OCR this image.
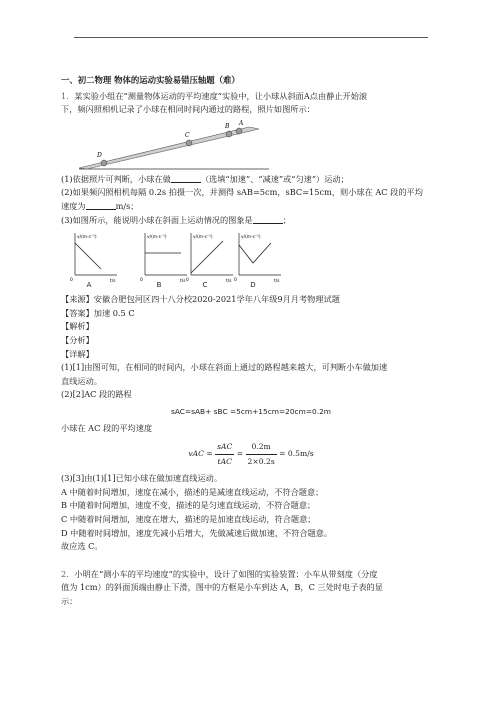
一、初二物理 物体的运动实验易错压轴题（难）

1．某实验小组在“测量物体运动的平均速度”实验中，让小球从斜面A点由静止开始滚

下，频闪照相机记录了小球在相同时间内通过的路程，照片如图所示：

A
B
C
D

(1)依据照片可判断，小球在做	（选填“加速”、“减速”或“匀速”）运动；

(2)如果频闪照相机每隔 0.2s 拍摄一次，并测得 sAB=5cm，sBC=15cm，则小球在 AC 段的平均

速度为	m/s；

(3)如图所示，能说明小球在斜面上运动情况的图象是	；

v/(m·s⁻¹)
t/s
0	A
v/(m·s⁻¹)
t/s
0	B
v/(m·s⁻¹)
t/s
0	C
v/(m·s⁻¹)
t/s
0	D

【来源】安徽合肥包河区四十八分校2020-2021学年八年级9月月考物理试题

【答案】加速 0.5 C

【解析】

【分析】

【详解】

(1)[1]由图可知，在相同的时间内，小球在斜面上通过的路程越来越大，可判断小车做加速

直线运动。

(2)[2]AC 段的路程

sAC=sAB+ sBC =5cm+15cm=20cm=0.2m

小球在 AC 段的平均速度

vAC = $\frac{\text{sAC}}{\text{tAC}} = \frac{0.2m}{2\times 0.2s} = 0.5m/s$

(3)[3]由(1)[1]已知小球在做加速直线运动。

A 中随着时间增加，速度在减小，描述的是减速直线运动，不符合题意；

B 中随着时间增加，速度不变，描述的是匀速直线运动，不符合题意；

C 中随着时间增加，速度在增大，描述的是加速直线运动，符合题意；

D 中随着时间增加，速度先减小后增大，先做减速后做加速，不符合题意。

故应选 C。

2．小明在“测小车的平均速度”的实验中，设计了如图的实验装置：小车从带刻度（分度

值为 1cm）的斜面顶端由静止下滑，图中的方框是小车到达 A，B，C 三处时电子表的显

示：
